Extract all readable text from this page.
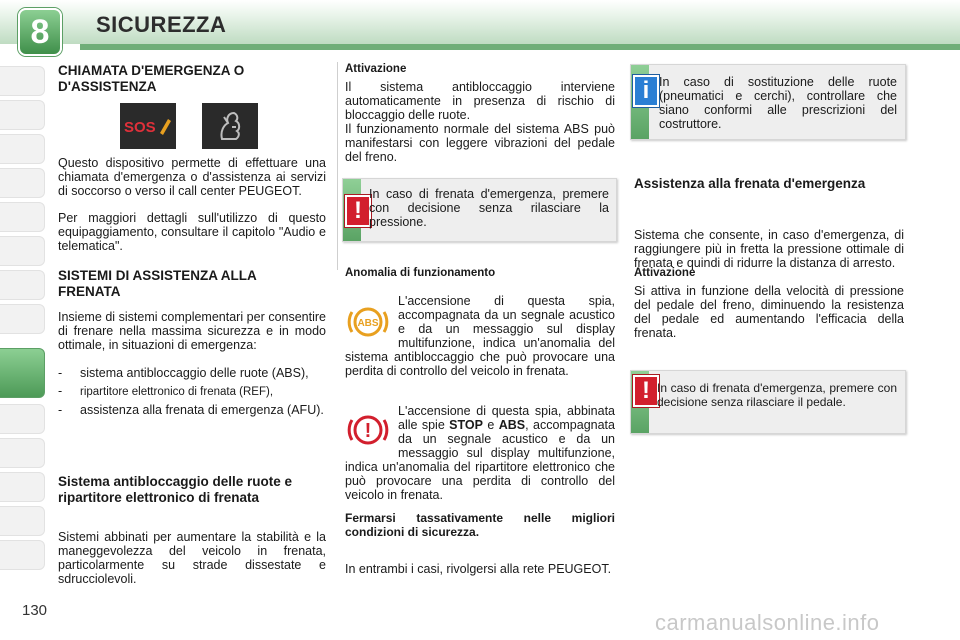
8	SICUREZZA
130	carmanualsonline.info
CHIAMATA D'EMERGENZA O D'ASSISTENZA
SOS
Questo dispositivo permette di effettuare una chiamata d'emergenza o d'assistenza ai servizi di soccorso o verso il call center PEUGEOT.
Per maggiori dettagli sull'utilizzo di questo equipaggiamento, consultare il capitolo "Audio e telematica".
SISTEMI DI ASSISTENZA ALLA FRENATA
Insieme di sistemi complementari per consentire di frenare nella massima sicurezza e in modo ottimale, in situazioni di emergenza:
- sistema antibloccaggio delle ruote (ABS),
- ripartitore elettronico di frenata (REF),
- assistenza alla frenata di emergenza (AFU).
Sistema antibloccaggio delle ruote e ripartitore elettronico di frenata
Sistemi abbinati per aumentare la stabilità e la maneggevolezza del veicolo in frenata, particolarmente su strade dissestate e sdrucciolevoli.
Attivazione
Il sistema antibloccaggio interviene automaticamente in presenza di rischio di bloccaggio delle ruote.
Il funzionamento normale del sistema ABS può manifestarsi con leggere vibrazioni del pedale del freno.
!
In caso di frenata d'emergenza, premere con decisione senza rilasciare la pressione.
Anomalia di funzionamento
ABS
L'accensione di questa spia, accompagnata da un segnale acustico e da un messaggio sul display multifunzione, indica un'anomalia del sistema antibloccaggio che può provocare una perdita di controllo del veicolo in frenata.
!
L'accensione di questa spia, abbinata alle spie STOP e ABS, accompagnata da un segnale acustico e da un messaggio sul display multifunzione, indica un'anomalia del ripartitore elettronico che può provocare una perdita di controllo del veicolo in frenata.
Fermarsi tassativamente nelle migliori condizioni di sicurezza.
In entrambi i casi, rivolgersi alla rete PEUGEOT.
i In caso di sostituzione delle ruote (pneumatici e cerchi), controllare che siano conformi alle prescrizioni del costruttore.
Assistenza alla frenata d'emergenza
Sistema che consente, in caso d'emergenza, di raggiungere più in fretta la pressione ottimale di frenata e quindi di ridurre la distanza di arresto.
Attivazione
Si attiva in funzione della velocità di pressione del pedale del freno, diminuendo la resistenza del pedale ed aumentando l'efficacia della frenata.
! In caso di frenata d'emergenza, premere con decisione senza rilasciare il pedale.
